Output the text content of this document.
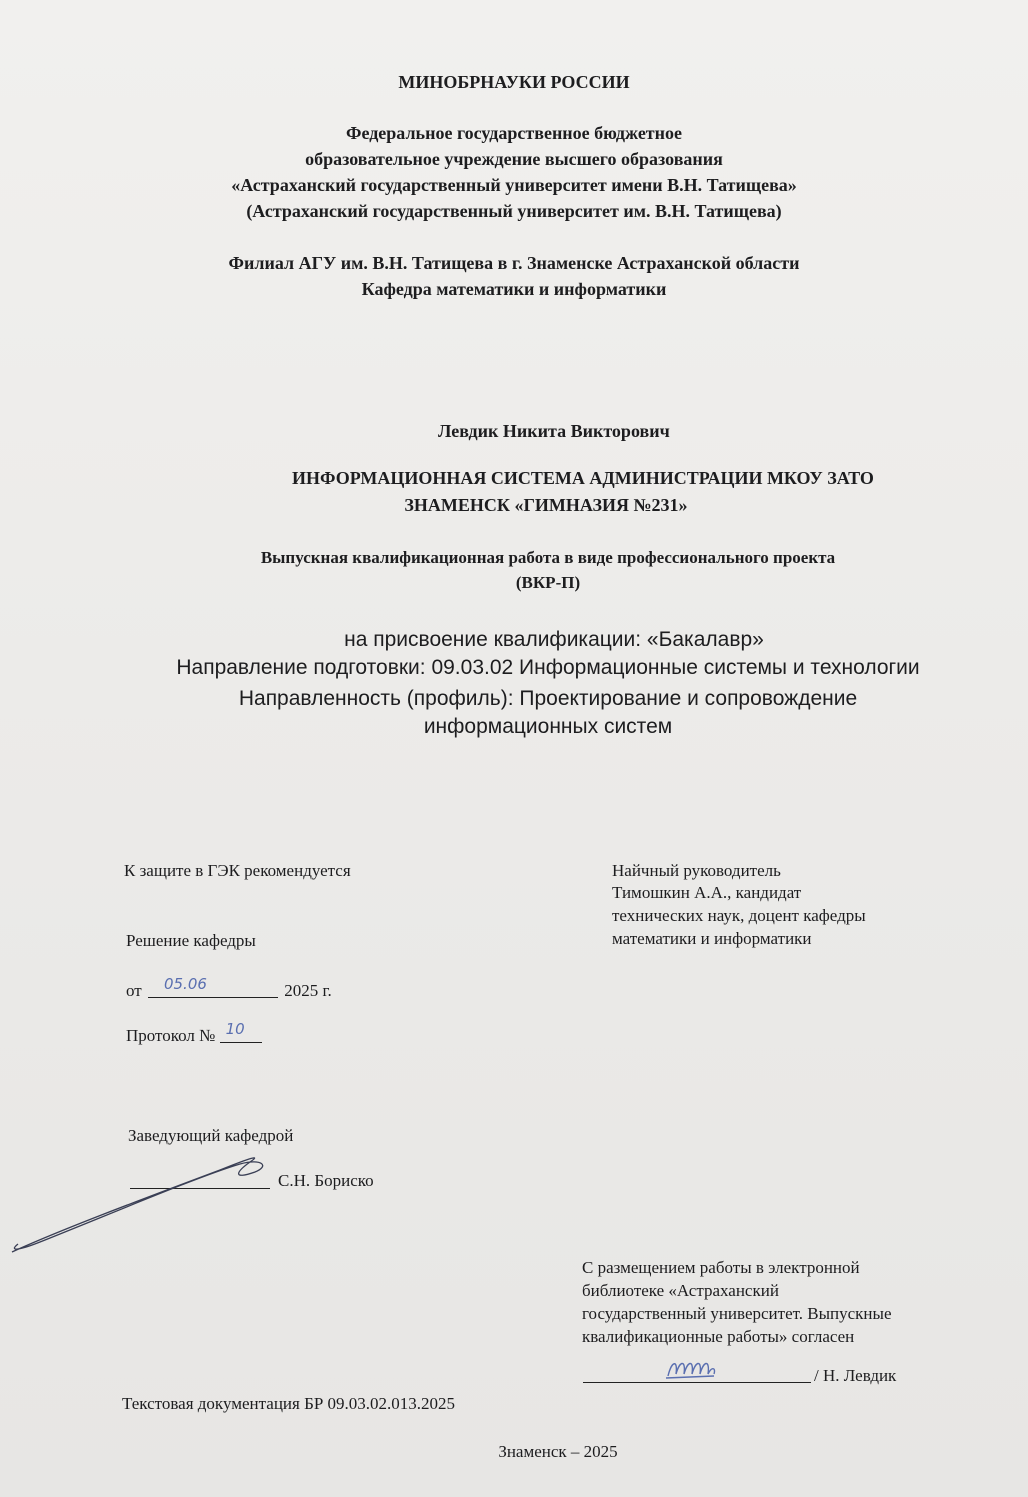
МИНОБРНАУКИ РОССИИ
Федеральное государственное бюджетное
образовательное учреждение высшего образования
«Астраханский государственный университет имени В.Н. Татищева»
(Астраханский государственный университет им. В.Н. Татищева)
Филиал АГУ им. В.Н. Татищева в г. Знаменске Астраханской области
Кафедра математики и информатики
Левдик Никита Викторович
ИНФОРМАЦИОННАЯ СИСТЕМА АДМИНИСТРАЦИИ МКОУ ЗАТО
ЗНАМЕНСК «ГИМНАЗИЯ №231»
Выпускная квалификационная работа в виде профессионального проекта
(ВКР-П)
на присвоение квалификации: «Бакалавр»
Направление подготовки: 09.03.02 Информационные системы и технологии
Направленность (профиль): Проектирование и сопровождение
информационных систем
К защите в ГЭК рекомендуется
Решение кафедры
от 05.06	2025 г.
Протокол № 10
Заведующий кафедрой
С.Н. Бориско
Найчный руководитель
Тимошкин А.А., кандидат
технических наук, доцент кафедры
математики и информатики
С размещением работы в электронной
библиотеке «Астраханский
государственный университет. Выпускные
квалификационные работы» согласен
/ Н. Левдик
Текстовая документация БР 09.03.02.013.2025
Знаменск – 2025
